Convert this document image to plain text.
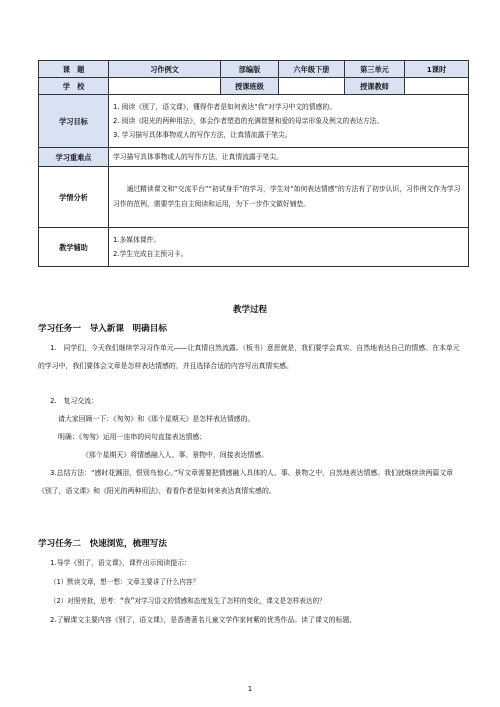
课　题	习作例文	部编版	六年级下册	第三单元	1课时
学　校		授课班级		授课教师	
学习目标	1. 阅读《别了，语文课》，懂得作者是如何表达“我”对学习中文的情感的。
2. 阅读《阳光的两种用法》，体会作者塑造的充满智慧和爱的母亲形象及例文的表达方法。
3. 学习描写具体事物或人的写作方法，让真情流露于笔尖。				

学习重难点	学习描写具体事物或人的写作方法，让真情流露于笔尖。				

学情分析	通过精读课文和“交流平台”“初试身手”的学习，学生对“如何表达情感”的方法有了初步认识，习作例文作为学习习作的范例，需要学生自主阅读和运用，为下一步作文做好铺垫。				

教学辅助	1.多媒体课件。
2.学生完成自主预习卡。				
教学过程
学习任务一　导入新课　明确目标
1.　同学们，今天我们继续学习习作单元——让真情自然流露。（板书）意思就是，我们要学会真实、自然地表达自己的情感。在本单元的学习中，我们要体会文章是怎样表达情感的，并且选择合适的内容写出真情实感。
2.　复习交流：
请大家回顾一下：《匆匆》和《那个星期天》是怎样表达情感的。
明确：《匆匆》运用一连串的问句直接表达情感；
《那个星期天》将情感融入人、事、景物中，间接表达情感。
3.总结方法：“感时花溅泪，恨别鸟惊心。”写文章需要把情感融入具体的人、事、景物之中，自然地表达情感。我们就继续读两篇文章《别了，语文课》和《阳光的两种用法》，看看作者是如何来表达真情实感的。
学习任务二　快速浏览，梳理写法
1.导学《别了，语文课》，课件出示阅读提示：
（1）默读文章，想一想：文章主要讲了什么内容？
（2）对照旁批，思考：“我”对学习语文的情感和态度发生了怎样的变化，课文是怎样表达的？
2.了解课文主要内容《别了，语文课》，是香港著名儿童文学作家何紫的优秀作品。读了课文的标题，
1
